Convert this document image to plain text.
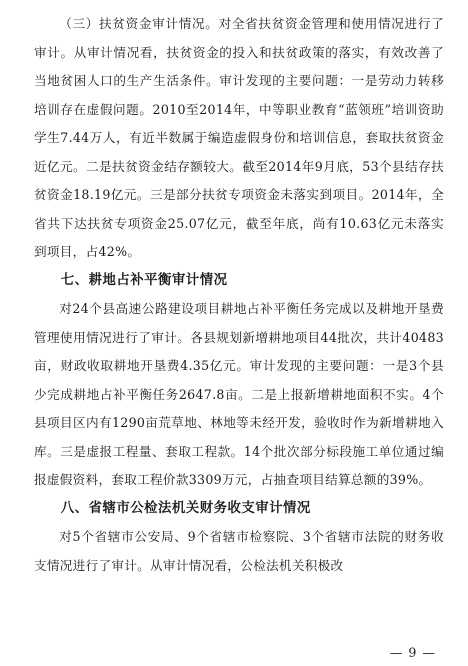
（三）扶贫资金审计情况。对全省扶贫资金管理和使用情况进行了审计。从审计情况看，扶贫资金的投入和扶贫政策的落实，有效改善了当地贫困人口的生产生活条件。审计发现的主要问题：一是劳动力转移培训存在虚假问题。2010至2014年，中等职业教育“蓝领班”培训资助学生7.44万人，有近半数属于编造虚假身份和培训信息，套取扶贫资金近亿元。二是扶贫资金结存额较大。截至2014年9月底，53个县结存扶贫资金18.19亿元。三是部分扶贫专项资金未落实到项目。2014年，全省共下达扶贫专项资金25.07亿元，截至年底，尚有10.63亿元未落实到项目，占42%。

七、耕地占补平衡审计情况

对24个县高速公路建设项目耕地占补平衡任务完成以及耕地开垦费管理使用情况进行了审计。各县规划新增耕地项目44批次，共计40483亩，财政收取耕地开垦费4.35亿元。审计发现的主要问题：一是3个县少完成耕地占补平衡任务2647.8亩。二是上报新增耕地面积不实。4个县项目区内有1290亩荒草地、林地等未经开发，验收时作为新增耕地入库。三是虚报工程量、套取工程款。14个批次部分标段施工单位通过编报虚假资料，套取工程价款3309万元，占抽查项目结算总额的39%。

八、省辖市公检法机关财务收支审计情况

对5个省辖市公安局、9个省辖市检察院、3个省辖市法院的财务收支情况进行了审计。从审计情况看，公检法机关积极改

— 9 —
